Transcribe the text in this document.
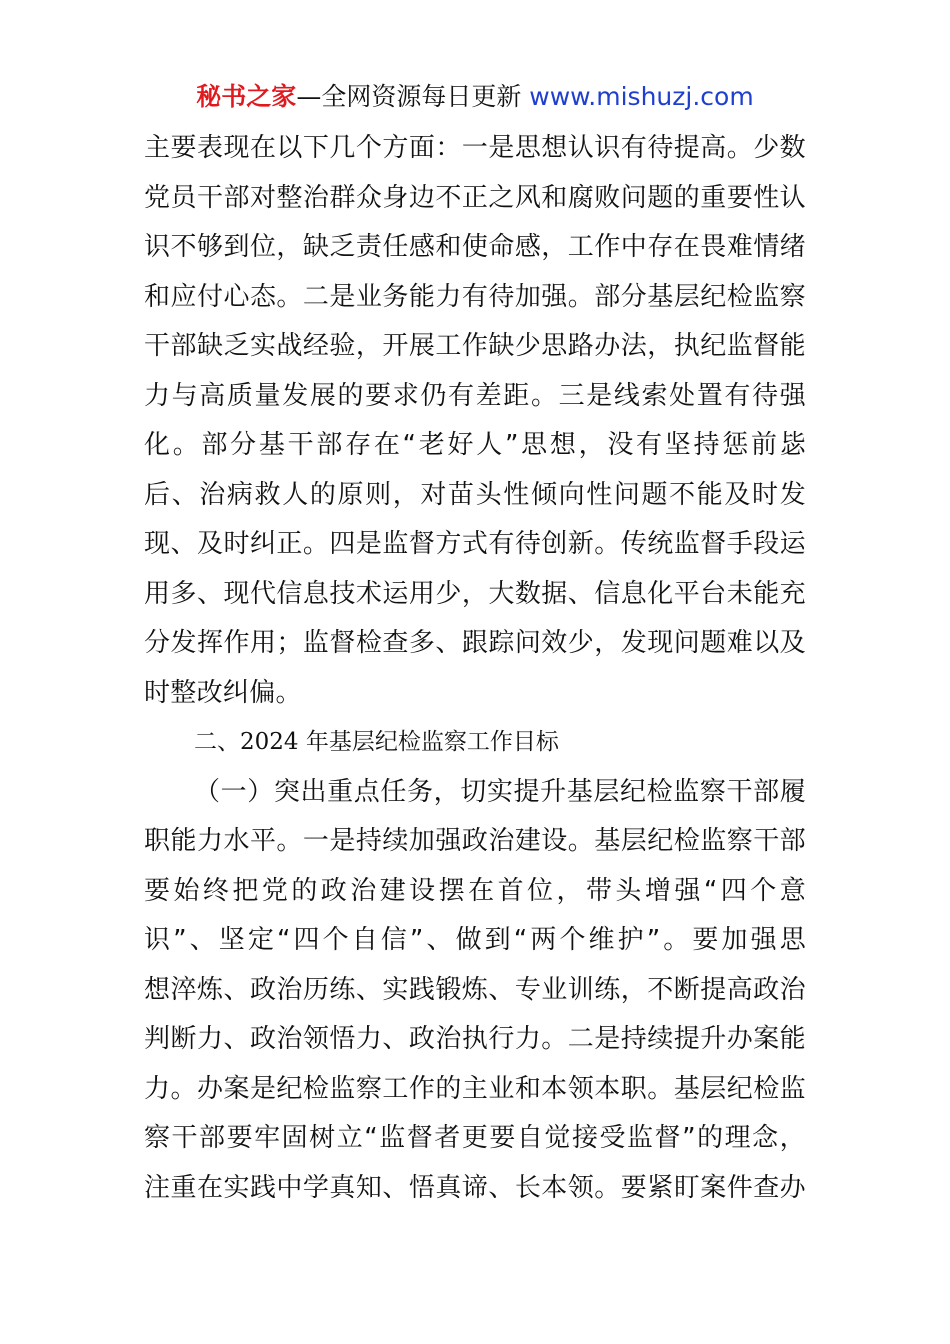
秘书之家—全网资源每日更新 www.mishuzj.com
主要表现在以下几个方面：一是思想认识有待提高。少数
党员干部对整治群众身边不正之风和腐败问题的重要性认
识不够到位，缺乏责任感和使命感，工作中存在畏难情绪
和应付心态。二是业务能力有待加强。部分基层纪检监察
干部缺乏实战经验，开展工作缺少思路办法，执纪监督能
力与高质量发展的要求仍有差距。三是线索处置有待强
化。部分基干部存在“老好人”思想，没有坚持惩前毖
后、治病救人的原则，对苗头性倾向性问题不能及时发
现、及时纠正。四是监督方式有待创新。传统监督手段运
用多、现代信息技术运用少，大数据、信息化平台未能充
分发挥作用；监督检查多、跟踪问效少，发现问题难以及
时整改纠偏。
二、2024 年基层纪检监察工作目标
（一）突出重点任务，切实提升基层纪检监察干部履
职能力水平。一是持续加强政治建设。基层纪检监察干部
要始终把党的政治建设摆在首位，带头增强“四个意
识”、坚定“四个自信”、做到“两个维护”。要加强思
想淬炼、政治历练、实践锻炼、专业训练，不断提高政治
判断力、政治领悟力、政治执行力。二是持续提升办案能
力。办案是纪检监察工作的主业和本领本职。基层纪检监
察干部要牢固树立“监督者更要自觉接受监督”的理念，
注重在实践中学真知、悟真谛、长本领。要紧盯案件查办
